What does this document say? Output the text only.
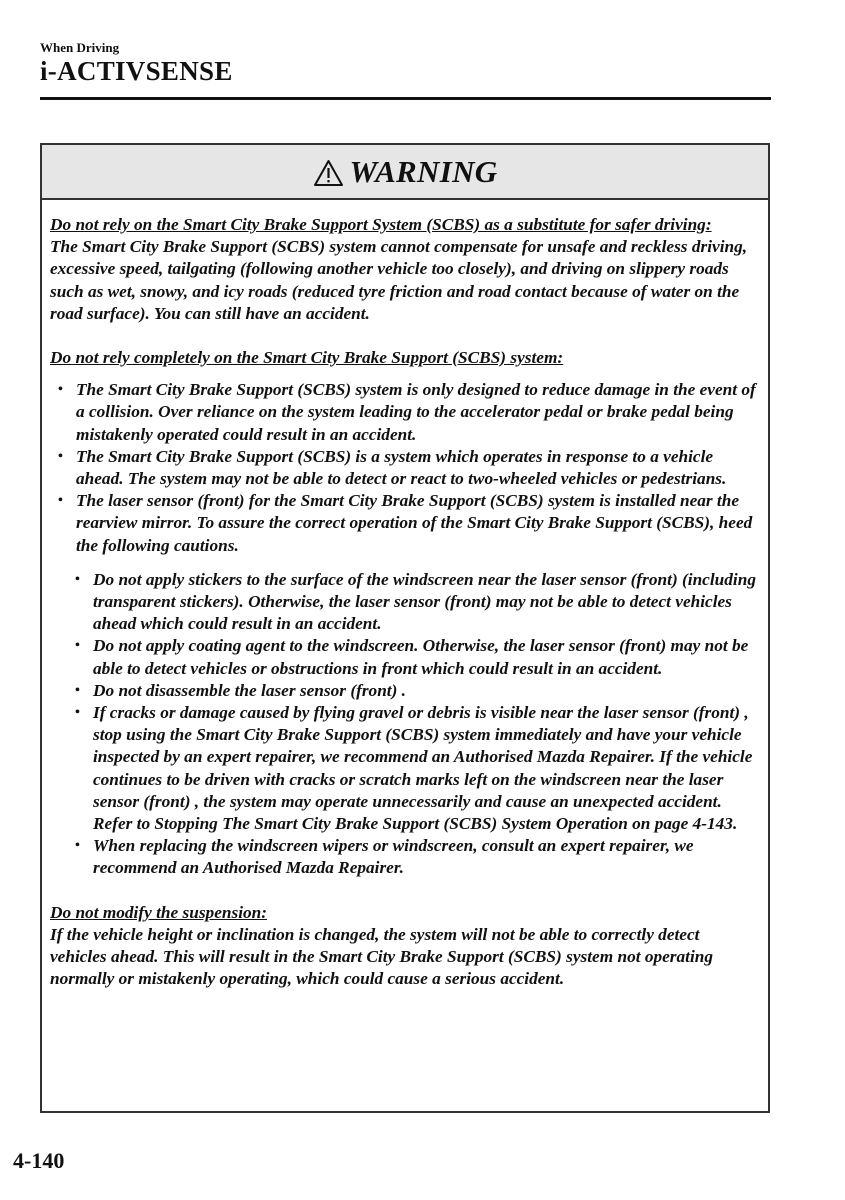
When Driving
i-ACTIVSENSE
WARNING

Do not rely on the Smart City Brake Support System (SCBS) as a substitute for safer driving:

The Smart City Brake Support (SCBS) system cannot compensate for unsafe and reckless driving, excessive speed, tailgating (following another vehicle too closely), and driving on slippery roads such as wet, snowy, and icy roads (reduced tyre friction and road contact because of water on the road surface). You can still have an accident.

Do not rely completely on the Smart City Brake Support (SCBS) system:

• The Smart City Brake Support (SCBS) system is only designed to reduce damage in the event of a collision. Over reliance on the system leading to the accelerator pedal or brake pedal being mistakenly operated could result in an accident.
• The Smart City Brake Support (SCBS) is a system which operates in response to a vehicle ahead. The system may not be able to detect or react to two-wheeled vehicles or pedestrians.
• The laser sensor (front) for the Smart City Brake Support (SCBS) system is installed near the rearview mirror. To assure the correct operation of the Smart City Brake Support (SCBS), heed the following cautions.
• Do not apply stickers to the surface of the windscreen near the laser sensor (front) (including transparent stickers). Otherwise, the laser sensor (front) may not be able to detect vehicles ahead which could result in an accident.
• Do not apply coating agent to the windscreen. Otherwise, the laser sensor (front) may not be able to detect vehicles or obstructions in front which could result in an accident.
• Do not disassemble the laser sensor (front) .
• If cracks or damage caused by flying gravel or debris is visible near the laser sensor (front) , stop using the Smart City Brake Support (SCBS) system immediately and have your vehicle inspected by an expert repairer, we recommend an Authorised Mazda Repairer. If the vehicle continues to be driven with cracks or scratch marks left on the windscreen near the laser sensor (front) , the system may operate unnecessarily and cause an unexpected accident.
Refer to Stopping The Smart City Brake Support (SCBS) System Operation on page 4-143.
• When replacing the windscreen wipers or windscreen, consult an expert repairer, we recommend an Authorised Mazda Repairer.

Do not modify the suspension:

If the vehicle height or inclination is changed, the system will not be able to correctly detect vehicles ahead. This will result in the Smart City Brake Support (SCBS) system not operating normally or mistakenly operating, which could cause a serious accident.

4-140
